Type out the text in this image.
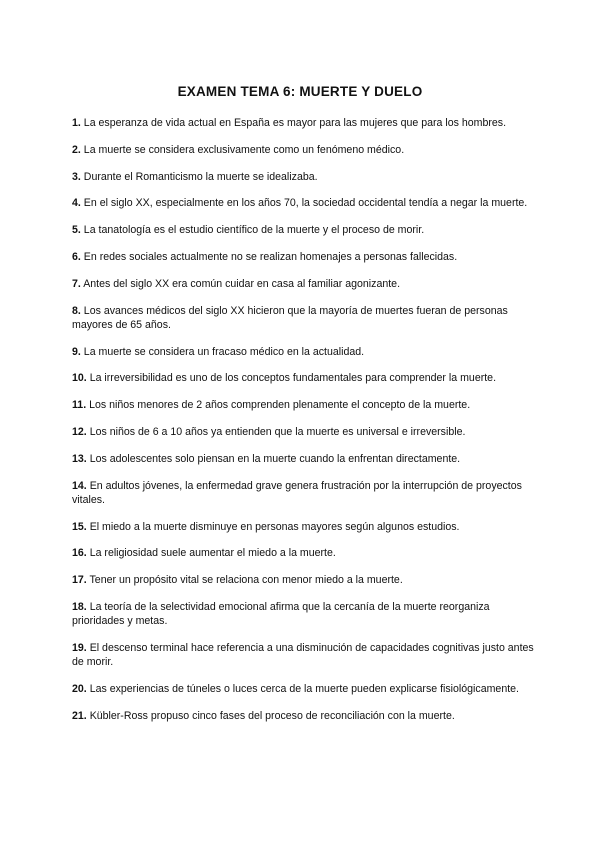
EXAMEN TEMA 6: MUERTE Y DUELO
1. La esperanza de vida actual en España es mayor para las mujeres que para los hombres.
2. La muerte se considera exclusivamente como un fenómeno médico.
3. Durante el Romanticismo la muerte se idealizaba.
4. En el siglo XX, especialmente en los años 70, la sociedad occidental tendía a negar la muerte.
5. La tanatología es el estudio científico de la muerte y el proceso de morir.
6. En redes sociales actualmente no se realizan homenajes a personas fallecidas.
7. Antes del siglo XX era común cuidar en casa al familiar agonizante.
8. Los avances médicos del siglo XX hicieron que la mayoría de muertes fueran de personas mayores de 65 años.
9. La muerte se considera un fracaso médico en la actualidad.
10. La irreversibilidad es uno de los conceptos fundamentales para comprender la muerte.
11. Los niños menores de 2 años comprenden plenamente el concepto de la muerte.
12. Los niños de 6 a 10 años ya entienden que la muerte es universal e irreversible.
13. Los adolescentes solo piensan en la muerte cuando la enfrentan directamente.
14. En adultos jóvenes, la enfermedad grave genera frustración por la interrupción de proyectos vitales.
15. El miedo a la muerte disminuye en personas mayores según algunos estudios.
16. La religiosidad suele aumentar el miedo a la muerte.
17. Tener un propósito vital se relaciona con menor miedo a la muerte.
18. La teoría de la selectividad emocional afirma que la cercanía de la muerte reorganiza prioridades y metas.
19. El descenso terminal hace referencia a una disminución de capacidades cognitivas justo antes de morir.
20. Las experiencias de túneles o luces cerca de la muerte pueden explicarse fisiológicamente.
21. Kübler-Ross propuso cinco fases del proceso de reconciliación con la muerte.
